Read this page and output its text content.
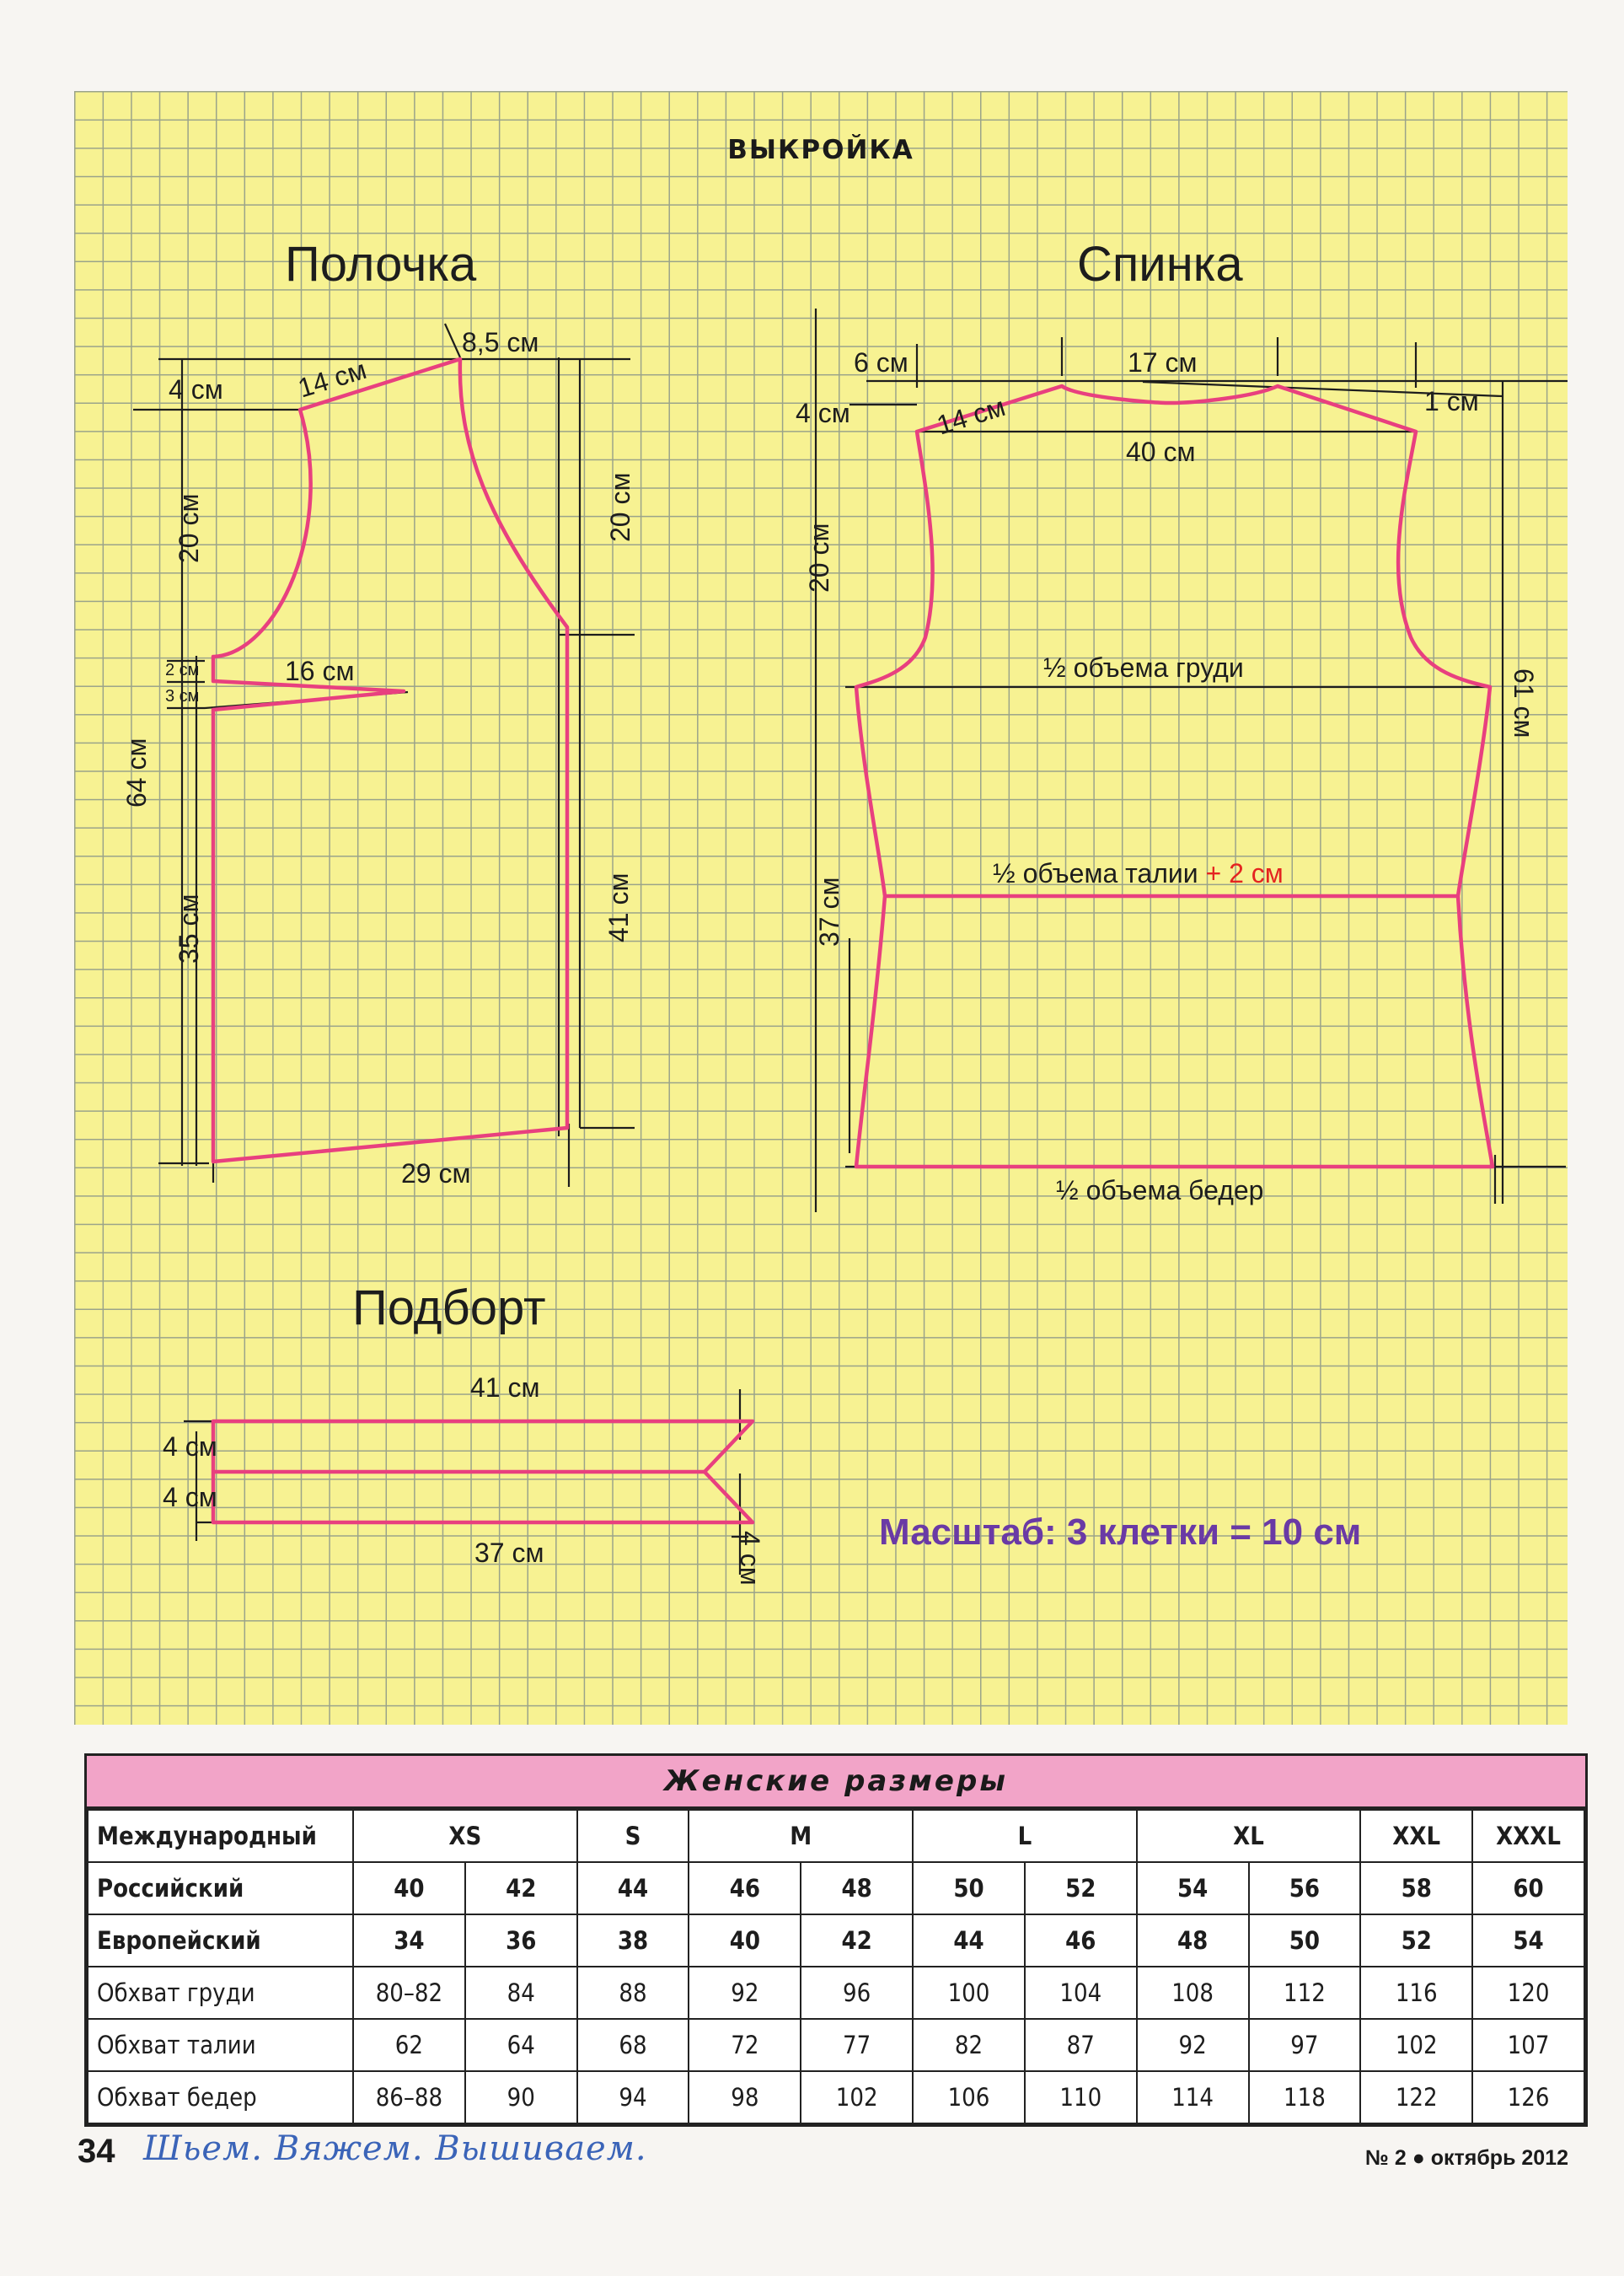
ВЫКРОЙКА
Полочка	Спинка
Подборт
8,5 см
14 см
4 см
20 см	20 см
2 см
3 см
16 см
64 см
35 см	41 см
29 см
6 см	17 см
1 см
4 см	14 см
40 см
20 см
½ объема груди
61 см
½ объема талии + 2 см
37 см
½ объема бедер
41 см
4 см
4 см
37 см	4 см	Масштаб: 3 клетки = 10 см
Женские размеры
Международный	XS		S	M		L		XL		XXL	XXXL
Российский	40	42	44	46	48	50	52	54	56	58	60
Европейский	34	36	38	40	42	44	46	48	50	52	54
Обхват груди	80–82	84	88	92	96	100	104	108	112	116	120
Обхват талии	62	64	68	72	77	82	87	92	97	102	107
Обхват бедер	86–88	90	94	98	102	106	110	114	118	122	126
34 Шьем. Вяжем. Вышиваем.	№ 2 ● октябрь 2012
